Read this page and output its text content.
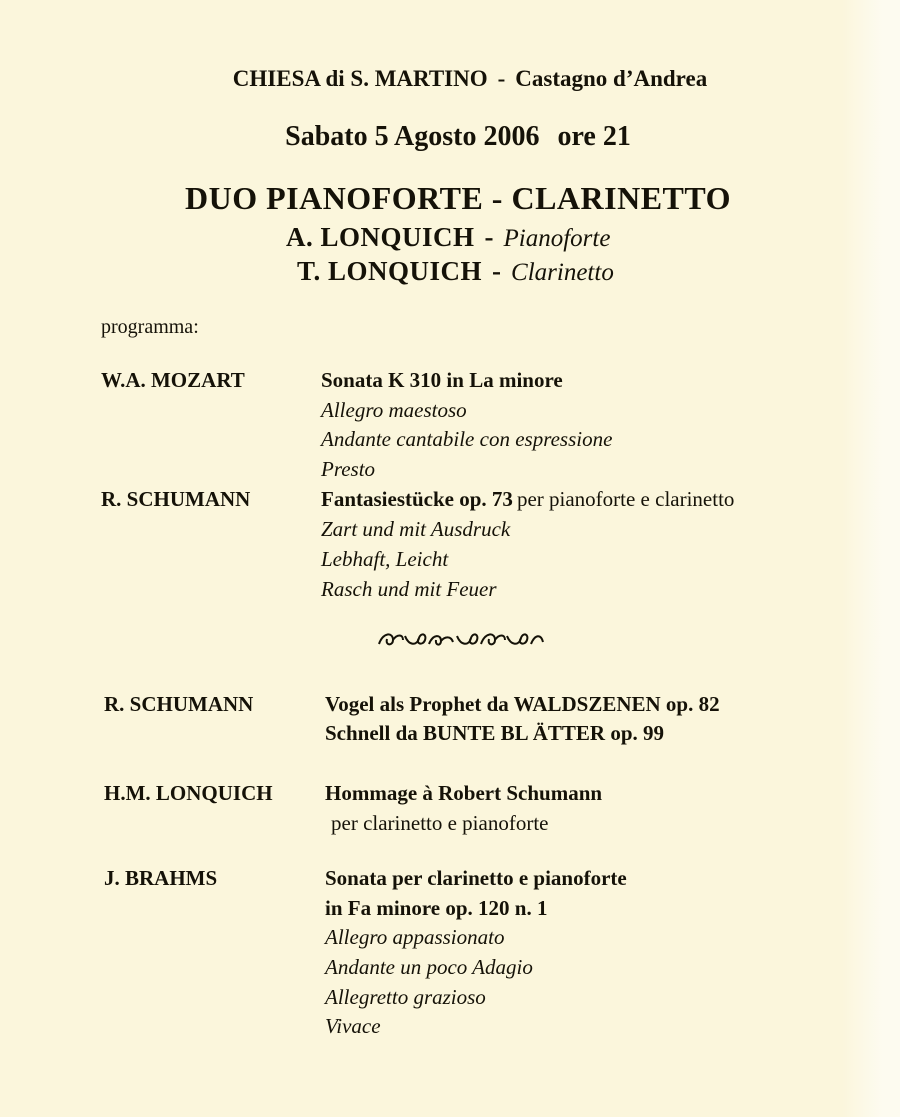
CHIESA di S. MARTINO - Castagno d’Andrea
Sabato 5 Agosto 2006 ore 21
DUO PIANOFORTE - CLARINETTO
A. LONQUICH - Pianoforte
T. LONQUICH - Clarinetto
programma:
W.A. MOZART	Sonata K 310 in La minore
Allegro maestoso
Andante cantabile con espressione
Presto
R. SCHUMANN	Fantasiestücke op. 73 per pianoforte e clarinetto
Zart und mit Ausdruck
Lebhaft, Leicht
Rasch und mit Feuer
R. SCHUMANN	Vogel als Prophet da WALDSZENEN op. 82
Schnell da BUNTE BL ÄTTER op. 99
H.M. LONQUICH Hommage à Robert Schumann
per clarinetto e pianoforte
J. BRAHMS	Sonata per clarinetto e pianoforte
in Fa minore op. 120 n. 1
Allegro appassionato
Andante un poco Adagio
Allegretto grazioso
Vivace
